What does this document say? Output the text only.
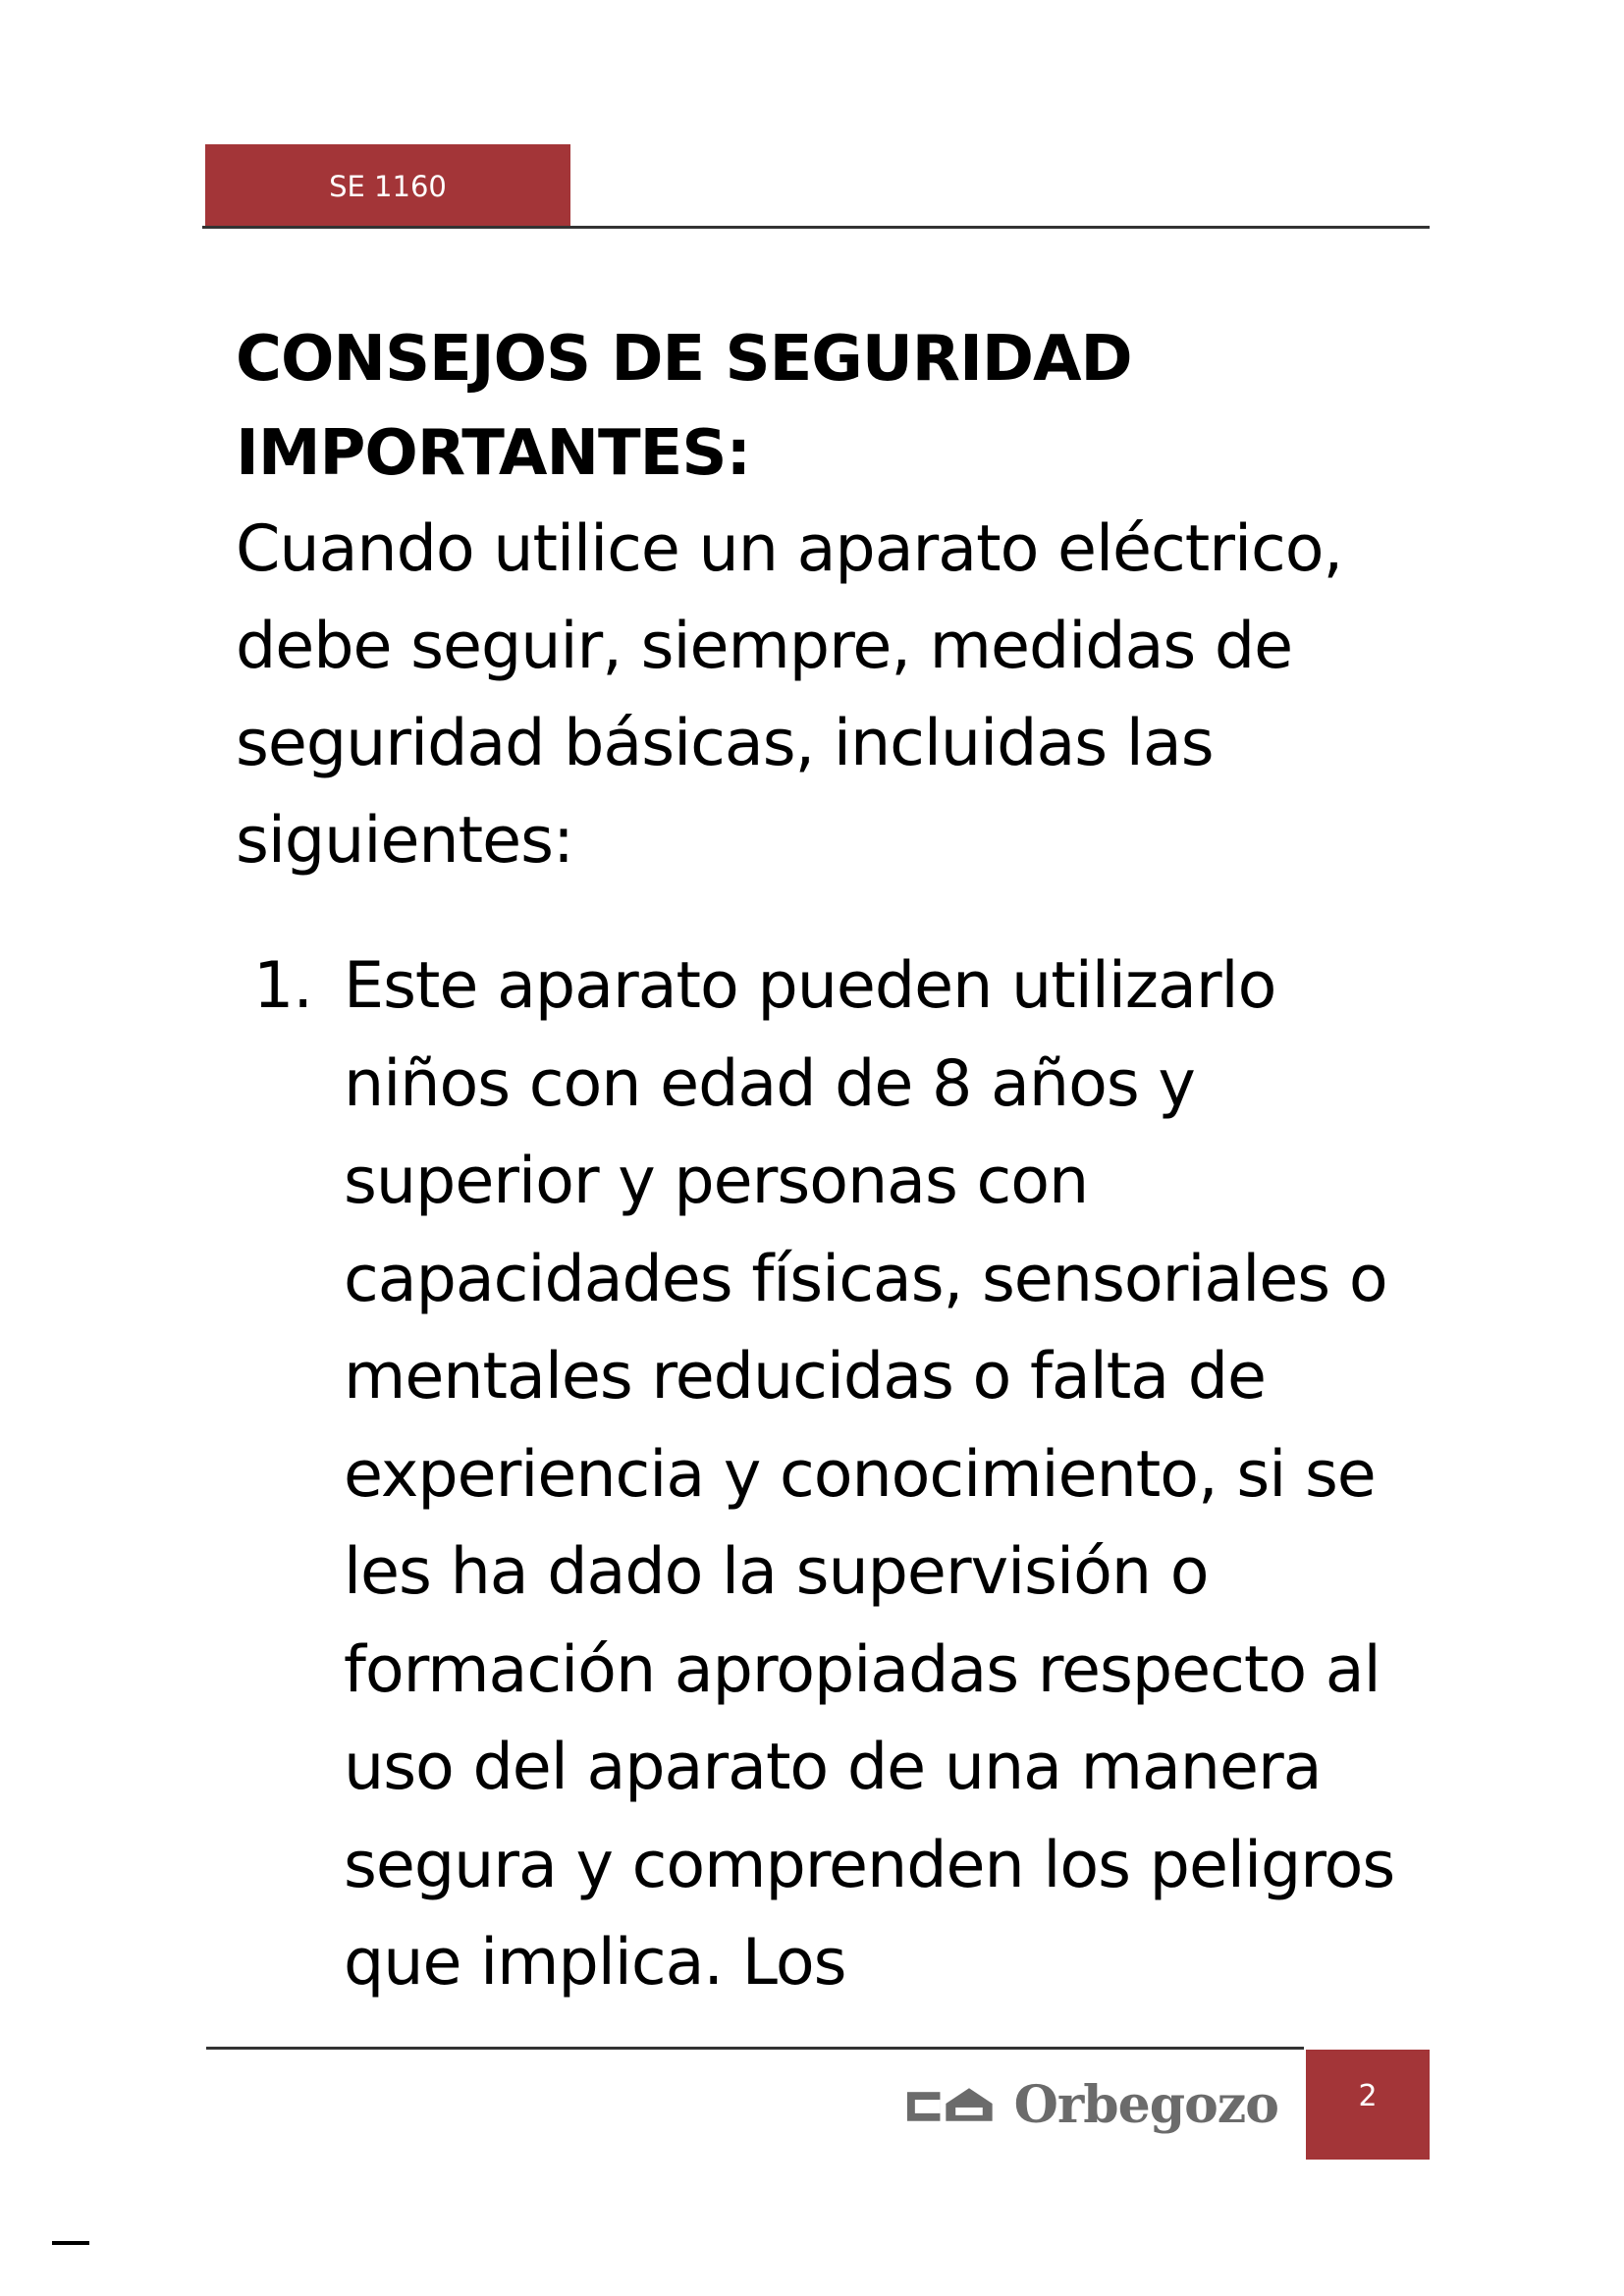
SE 1160
CONSEJOS DE SEGURIDAD IMPORTANTES:

Cuando utilice un aparato eléctrico, debe seguir, siempre, medidas de seguridad básicas, incluidas las siguientes:

1. Este aparato pueden utilizarlo niños con edad de 8 años y superior y personas con capacidades físicas, sensoriales o mentales reducidas o falta de experiencia y conocimiento, si se les ha dado la supervisión o formación apropiadas respecto al uso del aparato de una manera segura y comprenden los peligros que implica. Los

Orbegozo	2
